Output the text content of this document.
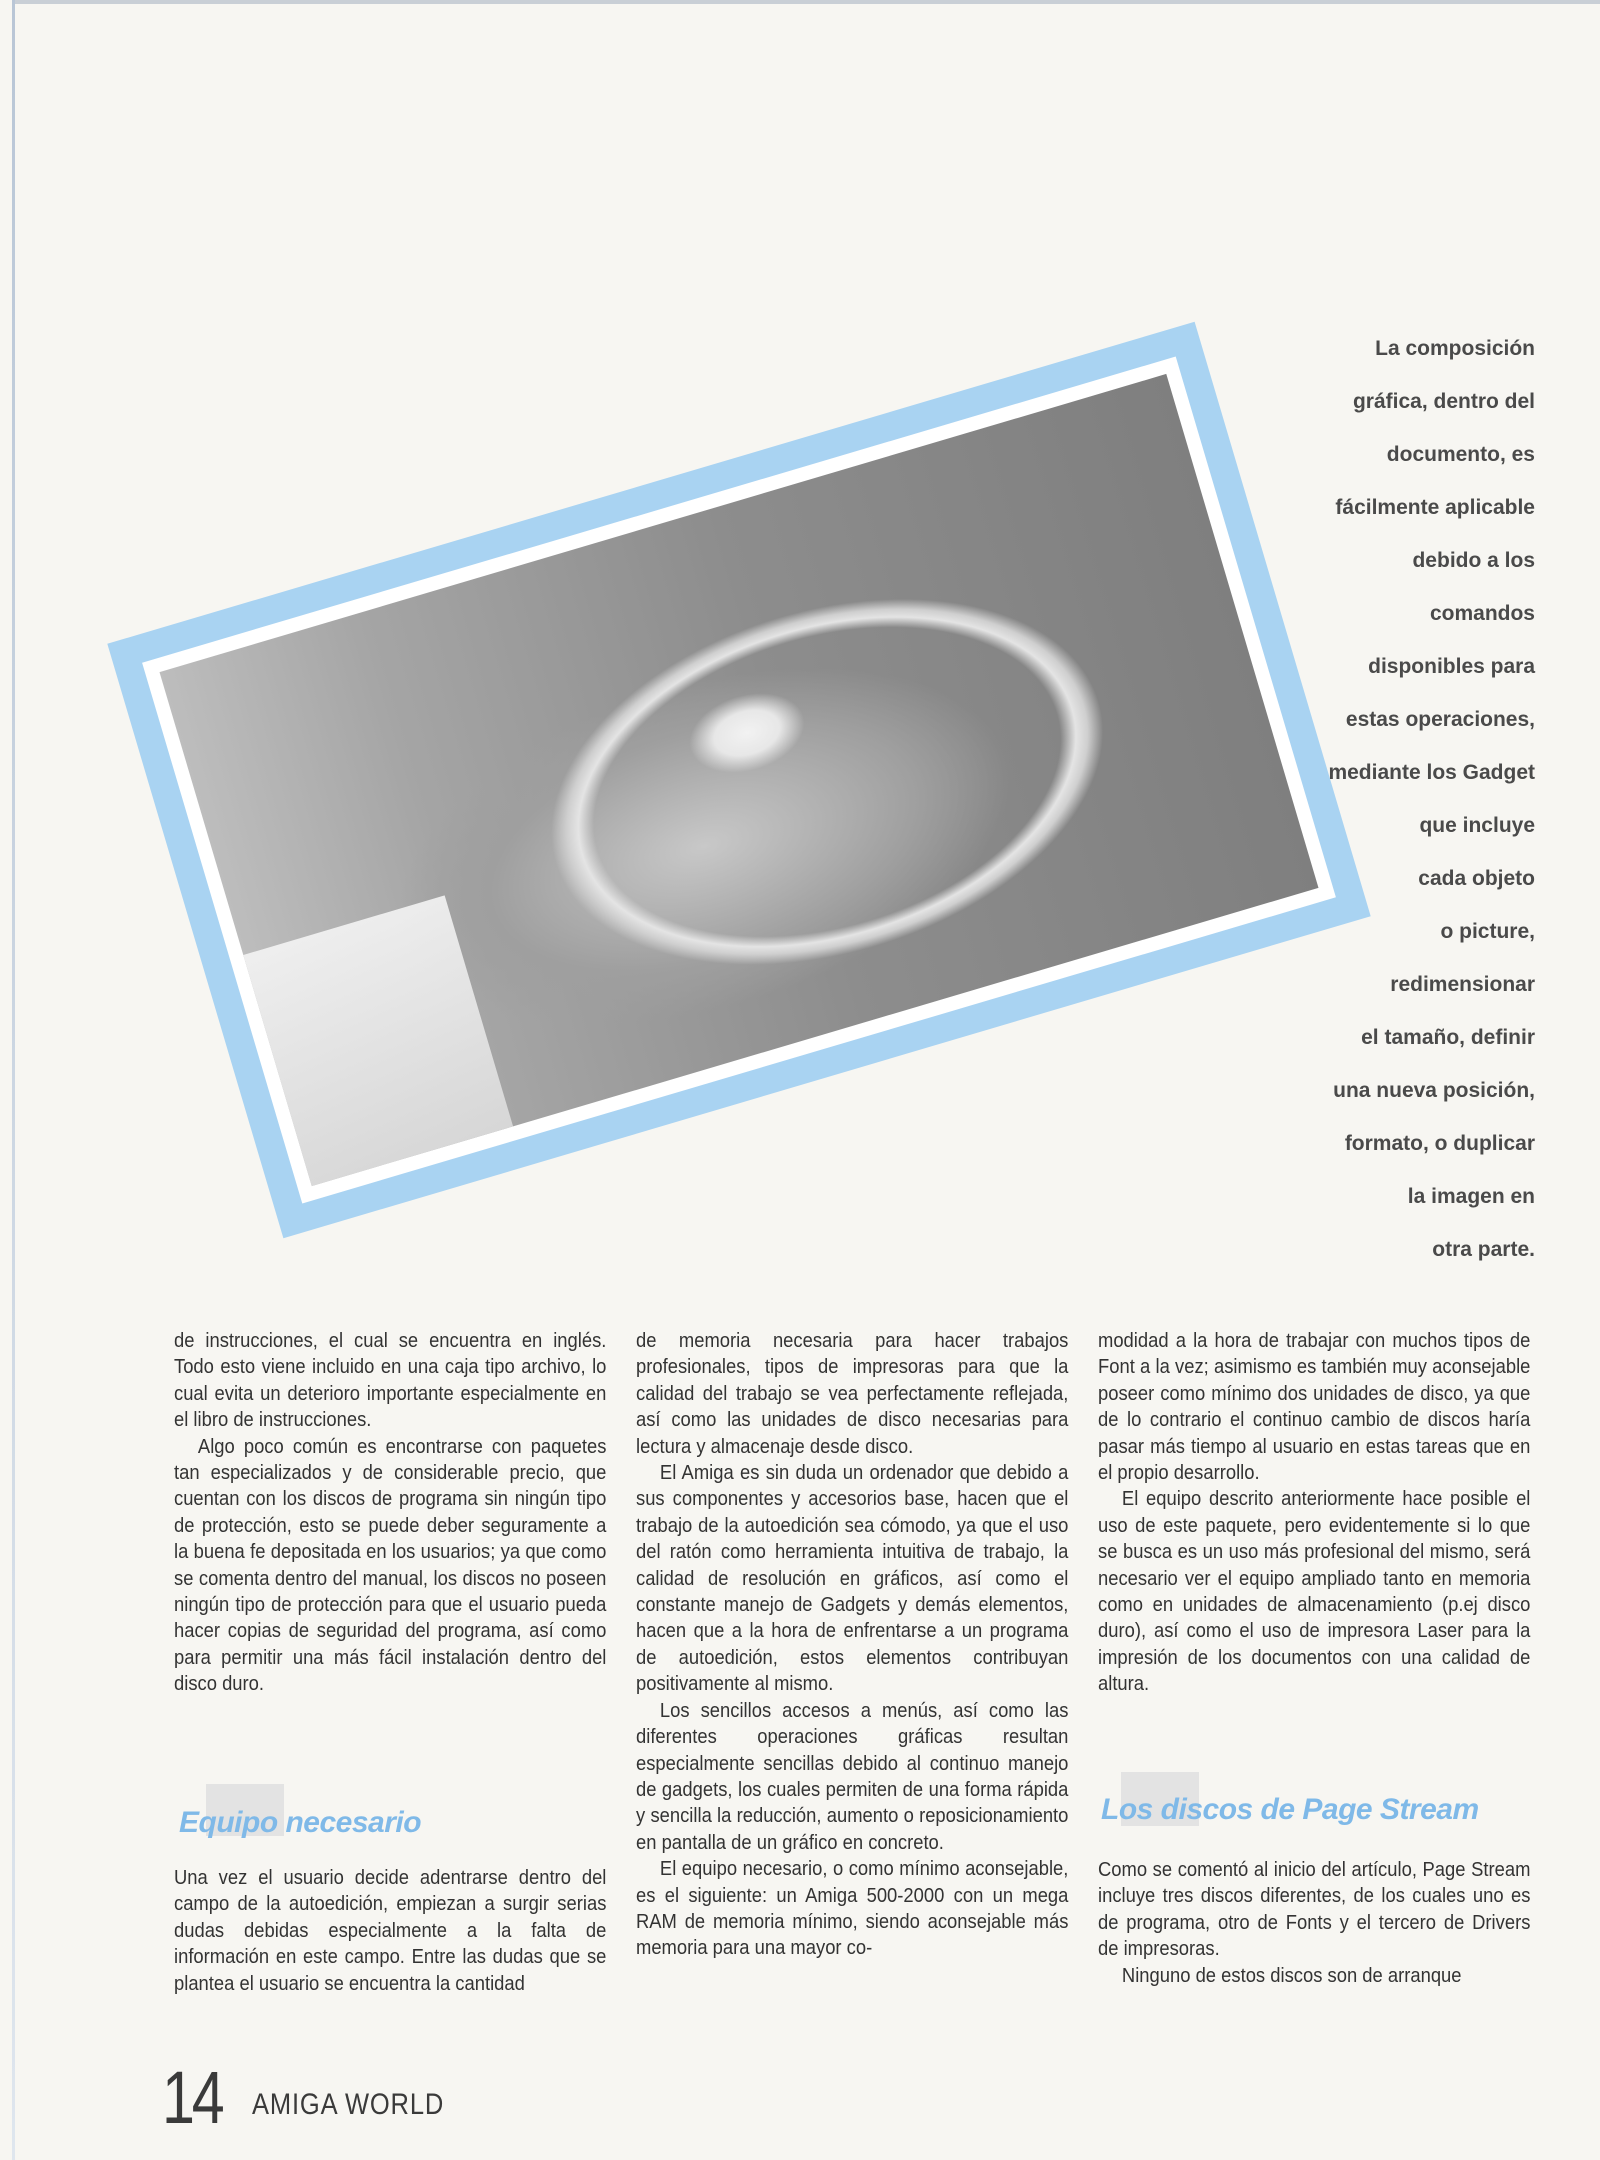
La composición
gráfica, dentro del
documento, es
fácilmente aplicable
debido a los
comandos
disponibles para
estas operaciones,
mediante los Gadget
que incluye
cada objeto
o picture,
redimensionar
el tamaño, definir
una nueva posición,
formato, o duplicar
la imagen en
otra parte.

de instrucciones, el cual se encuentra en inglés. Todo esto viene incluido en una caja tipo archivo, lo cual evita un deterioro importante especialmente en el libro de instrucciones.

Algo poco común es encontrarse con paquetes tan especializados y de considerable precio, que cuentan con los discos de programa sin ningún tipo de protección, esto se puede deber seguramente a la buena fe depositada en los usuarios; ya que como se comenta dentro del manual, los discos no poseen ningún tipo de protección para que el usuario pueda hacer copias de seguridad del programa, así como para permitir una más fácil instalación dentro del disco duro.

Equipo necesario

Una vez el usuario decide adentrarse dentro del campo de la autoedición, empiezan a surgir serias dudas debidas especialmente a la falta de información en este campo. Entre las dudas que se plantea el usuario se encuentra la cantidad

de memoria necesaria para hacer trabajos profesionales, tipos de impresoras para que la calidad del trabajo se vea perfectamente reflejada, así como las unidades de disco necesarias para lectura y almacenaje desde disco.

El Amiga es sin duda un ordenador que debido a sus componentes y accesorios base, hacen que el trabajo de la autoedición sea cómodo, ya que el uso del ratón como herramienta intuitiva de trabajo, la calidad de resolución en gráficos, así como el constante manejo de Gadgets y demás elementos, hacen que a la hora de enfrentarse a un programa de autoedición, estos elementos contribuyan positivamente al mismo.

Los sencillos accesos a menús, así como las diferentes operaciones gráficas resultan especialmente sencillas debido al continuo manejo de gadgets, los cuales permiten de una forma rápida y sencilla la reducción, aumento o reposicionamiento en pantalla de un gráfico en concreto.

El equipo necesario, o como mínimo aconsejable, es el siguiente: un Amiga 500-2000 con un mega RAM de memoria mínimo, siendo aconsejable más memoria para una mayor co-

modidad a la hora de trabajar con muchos tipos de Font a la vez; asimismo es también muy aconsejable poseer como mínimo dos unidades de disco, ya que de lo contrario el continuo cambio de discos haría pasar más tiempo al usuario en estas tareas que en el propio desarrollo.

El equipo descrito anteriormente hace posible el uso de este paquete, pero evidentemente si lo que se busca es un uso más profesional del mismo, será necesario ver el equipo ampliado tanto en memoria como en unidades de almacenamiento (p.ej disco duro), así como el uso de impresora Laser para la impresión de los documentos con una calidad de altura.

Los discos de Page Stream

Como se comentó al inicio del artículo, Page Stream incluye tres discos diferentes, de los cuales uno es de programa, otro de Fonts y el tercero de Drivers de impresoras.

Ninguno de estos discos son de arranque

14 AMIGA WORLD
